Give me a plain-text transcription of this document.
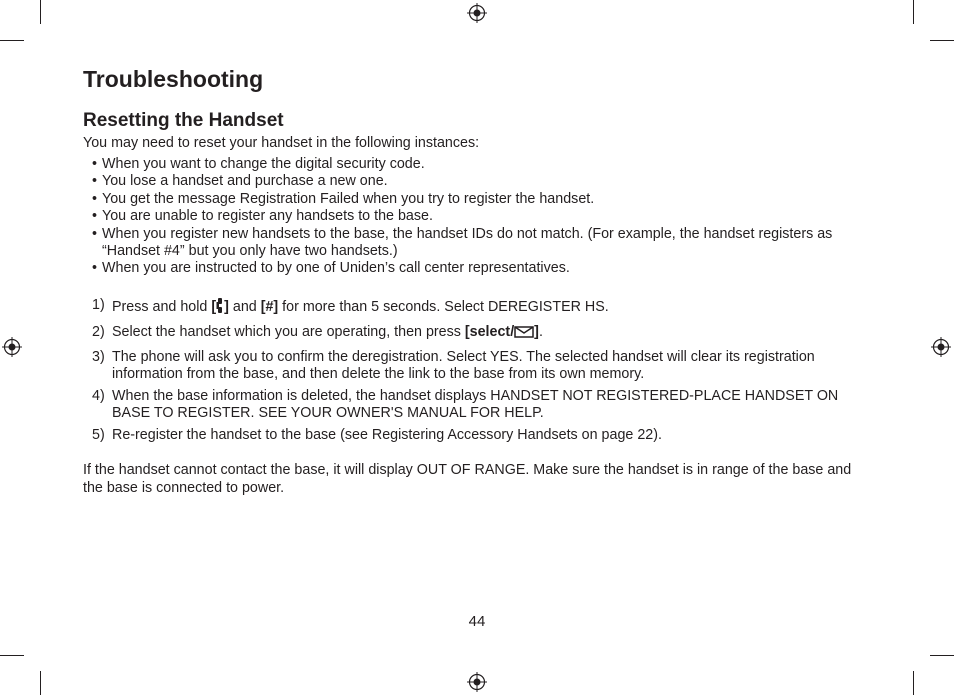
Troubleshooting
Resetting the Handset

You may need to reset your handset in the following instances:

• When you want to change the digital security code.
• You lose a handset and purchase a new one.
• You get the message Registration Failed when you try to register the handset.
• You are unable to register any handsets to the base.
• When you register new handsets to the base, the handset IDs do not match. (For example, the handset registers as “Handset #4” but you only have two handsets.)
• When you are instructed to by one of Uniden’s call center representatives.
1) Press and hold [ ] and [#] for more than 5 seconds. Select DEREGISTER HS.
2) Select the handset which you are operating, then press [select/ ].
3) The phone will ask you to confirm the deregistration. Select YES. The selected handset will clear its registration information from the base, and then delete the link to the base from its own memory.
4) When the base information is deleted, the handset displays HANDSET NOT REGISTERED-PLACE HANDSET ON BASE TO REGISTER. SEE YOUR OWNER'S MANUAL FOR HELP.
5) Re-register the handset to the base (see Registering Accessory Handsets on page 22).

If the handset cannot contact the base, it will display OUT OF RANGE. Make sure the handset is in range of the base and the base is connected to power.

44
